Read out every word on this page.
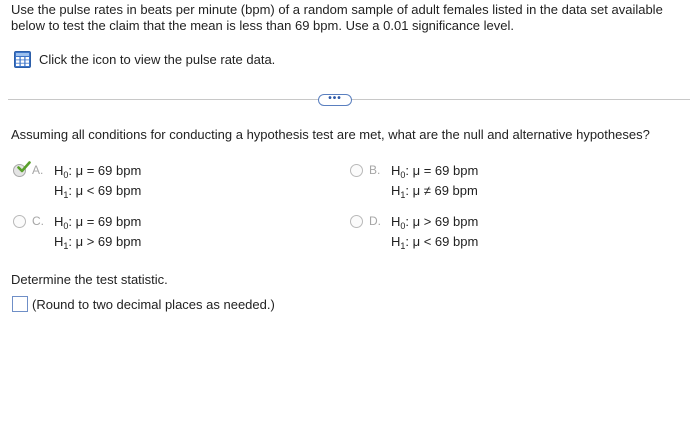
Use the pulse rates in beats per minute (bpm) of a random sample of adult females listed in the data set available
below to test the claim that the mean is less than 69 bpm. Use a 0.01 significance level.
Click the icon to view the pulse rate data.
•••
Assuming all conditions for conducting a hypothesis test are met, what are the null and alternative hypotheses?
A. $H_0$: μ = 69 bpm
$H_1$: μ < 69 bpm
B. $H_0$: μ = 69 bpm
$H_1$: μ ≠ 69 bpm
C. $H_0$: μ = 69 bpm
$H_1$: μ > 69 bpm
D. $H_0$: μ > 69 bpm
$H_1$: μ < 69 bpm
Determine the test statistic.
(Round to two decimal places as needed.)
